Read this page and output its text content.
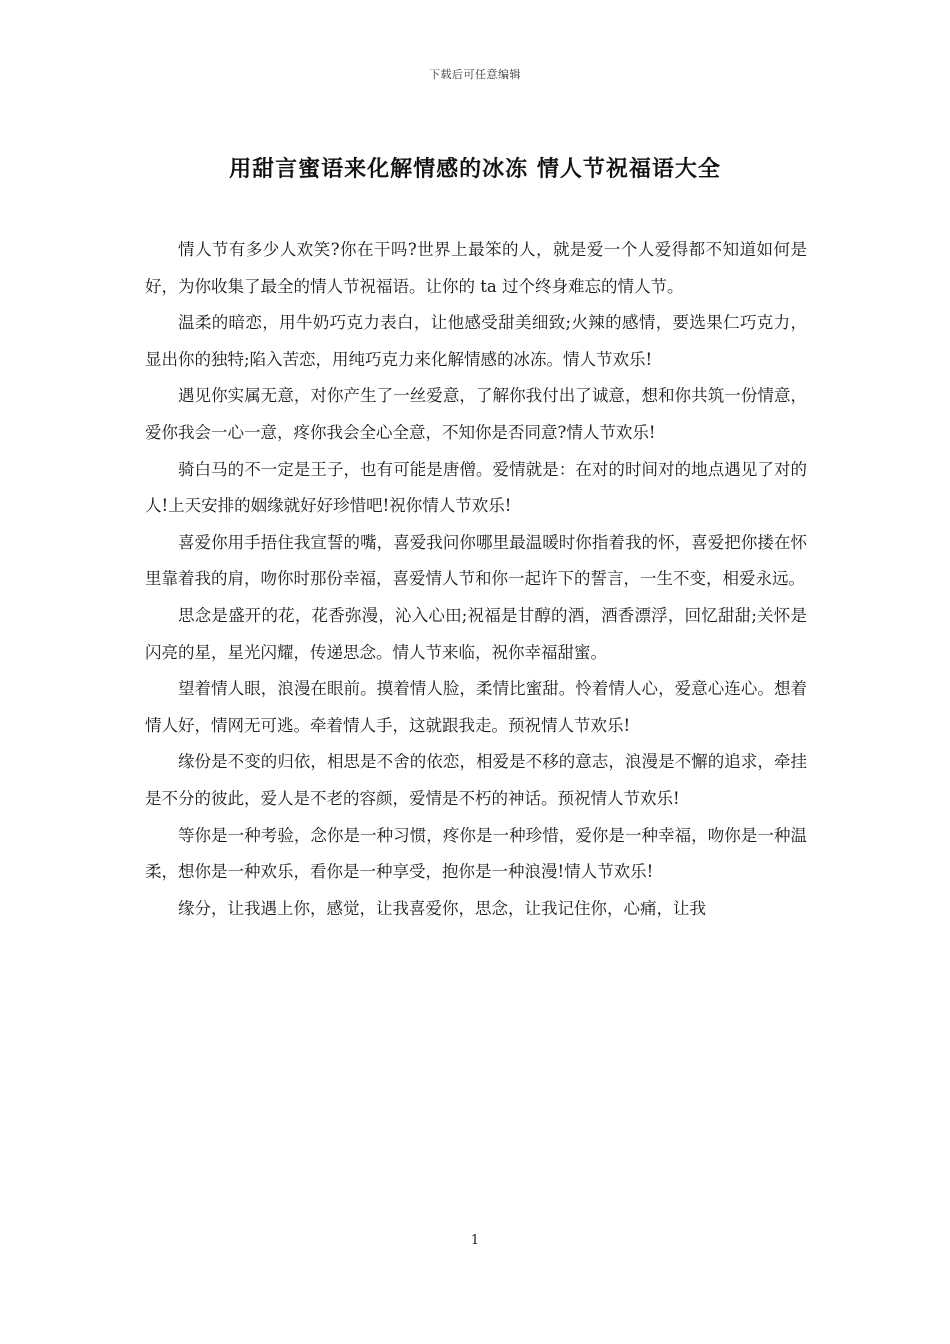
下载后可任意编辑
用甜言蜜语来化解情感的冰冻 情人节祝福语大全

情人节有多少人欢笑?你在干吗?世界上最笨的人，就是爱一个人爱得都不知道如何是好，为你收集了最全的情人节祝福语。让你的 ta 过个终身难忘的情人节。

温柔的暗恋，用牛奶巧克力表白，让他感受甜美细致;火辣的感情，要选果仁巧克力，显出你的独特;陷入苦恋，用纯巧克力来化解情感的冰冻。情人节欢乐!

遇见你实属无意，对你产生了一丝爱意，了解你我付出了诚意，想和你共筑一份情意，爱你我会一心一意，疼你我会全心全意，不知你是否同意?情人节欢乐!

骑白马的不一定是王子，也有可能是唐僧。爱情就是：在对的时间对的地点遇见了对的人!上天安排的姻缘就好好珍惜吧!祝你情人节欢乐!

喜爱你用手捂住我宣誓的嘴，喜爱我问你哪里最温暖时你指着我的怀，喜爱把你搂在怀里靠着我的肩，吻你时那份幸福，喜爱情人节和你一起许下的誓言，一生不变，相爱永远。

思念是盛开的花，花香弥漫，沁入心田;祝福是甘醇的酒，酒香漂浮，回忆甜甜;关怀是闪亮的星，星光闪耀，传递思念。情人节来临，祝你幸福甜蜜。

望着情人眼，浪漫在眼前。摸着情人脸，柔情比蜜甜。怜着情人心，爱意心连心。想着情人好，情网无可逃。牵着情人手，这就跟我走。预祝情人节欢乐!

缘份是不变的归依，相思是不舍的依恋，相爱是不移的意志，浪漫是不懈的追求，牵挂是不分的彼此，爱人是不老的容颜，爱情是不朽的神话。预祝情人节欢乐!

等你是一种考验，念你是一种习惯，疼你是一种珍惜，爱你是一种幸福，吻你是一种温柔，想你是一种欢乐，看你是一种享受，抱你是一种浪漫!情人节欢乐!

缘分，让我遇上你，感觉，让我喜爱你，思念，让我记住你，心痛，让我

1
